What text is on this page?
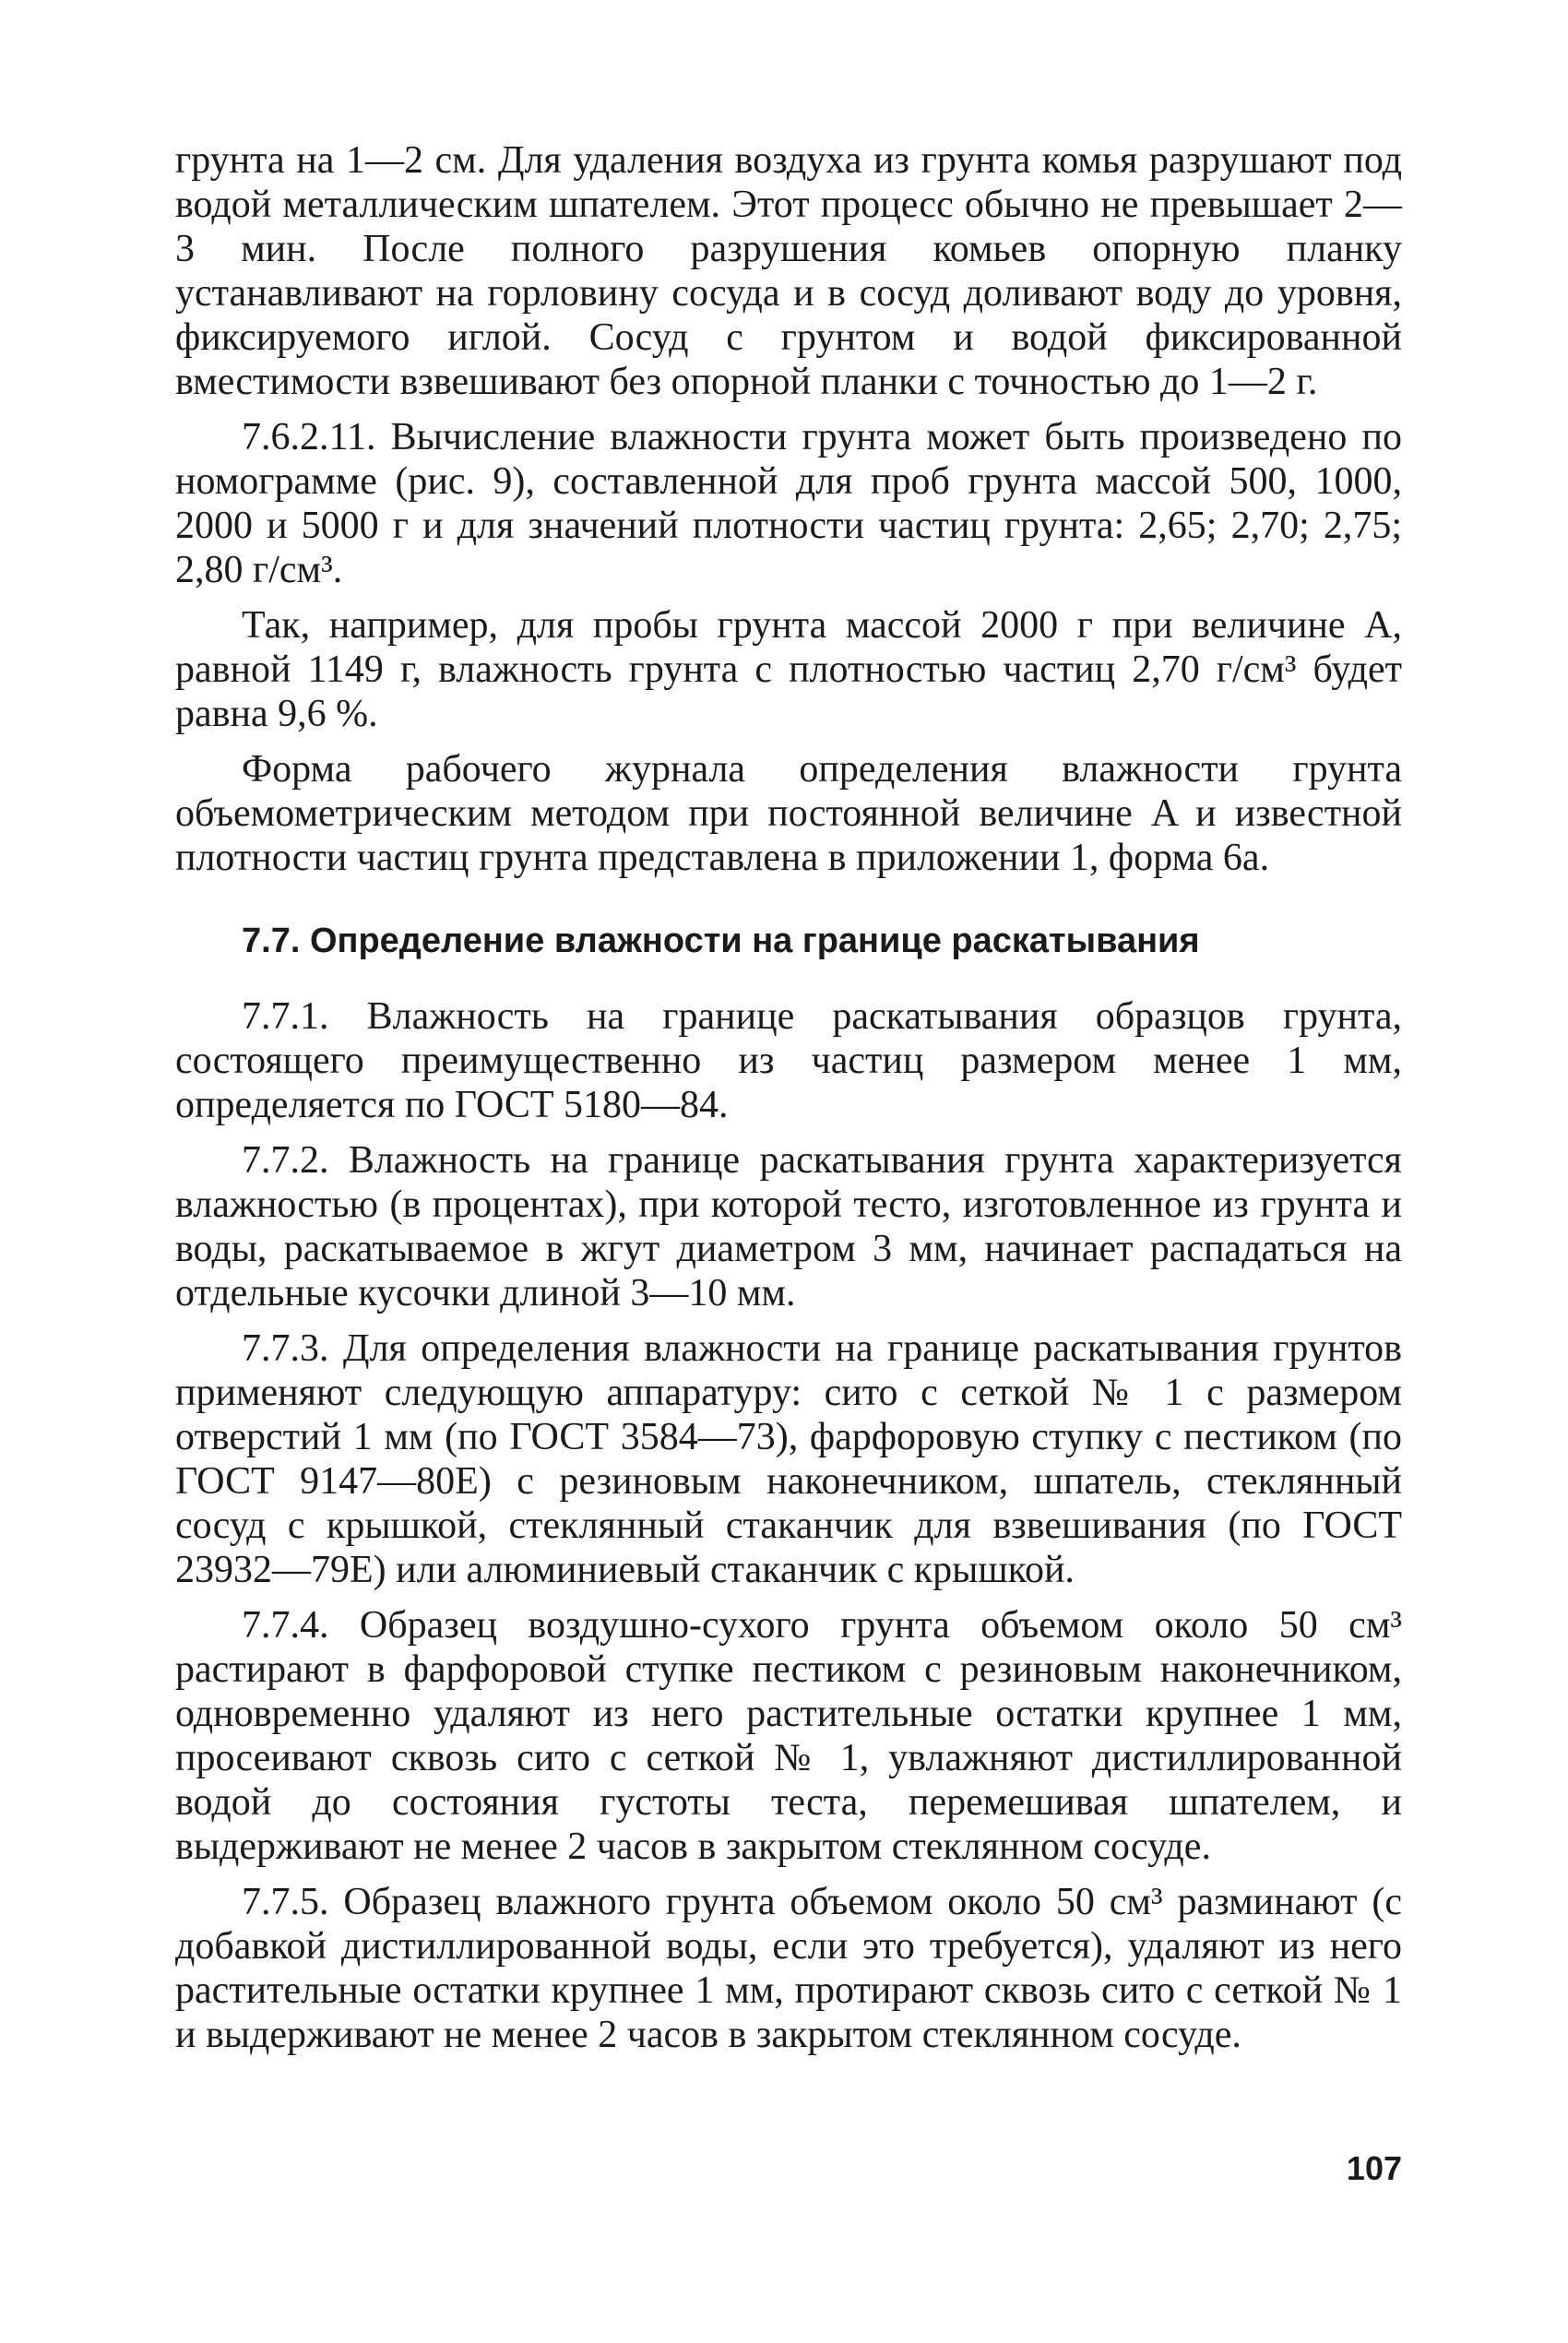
грунта на 1—2 см. Для удаления воздуха из грунта комья разрушают под водой металлическим шпателем. Этот процесс обычно не превышает 2—3 мин. После полного разрушения комьев опорную планку устанавливают на горловину сосуда и в сосуд доливают воду до уровня, фиксируемого иглой. Сосуд с грунтом и водой фиксированной вместимости взвешивают без опорной планки с точностью до 1—2 г.

7.6.2.11. Вычисление влажности грунта может быть произведено по номограмме (рис. 9), составленной для проб грунта массой 500, 1000, 2000 и 5000 г и для значений плотности частиц грунта: 2,65; 2,70; 2,75; 2,80 г/см³.

Так, например, для пробы грунта массой 2000 г при величине A, равной 1149 г, влажность грунта с плотностью частиц 2,70 г/см³ будет равна 9,6 %.

Форма рабочего журнала определения влажности грунта объемометрическим методом при постоянной величине A и известной плотности частиц грунта представлена в приложении 1, форма 6а.

7.7. Определение влажности на границе раскатывания

7.7.1. Влажность на границе раскатывания образцов грунта, состоящего преимущественно из частиц размером менее 1 мм, определяется по ГОСТ 5180—84.

7.7.2. Влажность на границе раскатывания грунта характеризуется влажностью (в процентах), при которой тесто, изготовленное из грунта и воды, раскатываемое в жгут диаметром 3 мм, начинает распадаться на отдельные кусочки длиной 3—10 мм.

7.7.3. Для определения влажности на границе раскатывания грунтов применяют следующую аппаратуру: сито с сеткой № 1 с размером отверстий 1 мм (по ГОСТ 3584—73), фарфоровую ступку с пестиком (по ГОСТ 9147—80Е) с резиновым наконечником, шпатель, стеклянный сосуд с крышкой, стеклянный стаканчик для взвешивания (по ГОСТ 23932—79Е) или алюминиевый стаканчик с крышкой.

7.7.4. Образец воздушно-сухого грунта объемом около 50 см³ растирают в фарфоровой ступке пестиком с резиновым наконечником, одновременно удаляют из него растительные остатки крупнее 1 мм, просеивают сквозь сито с сеткой № 1, увлажняют дистиллированной водой до состояния густоты теста, перемешивая шпателем, и выдерживают не менее 2 часов в закрытом стеклянном сосуде.

7.7.5. Образец влажного грунта объемом около 50 см³ разминают (с добавкой дистиллированной воды, если это требуется), удаляют из него растительные остатки крупнее 1 мм, протирают сквозь сито с сеткой № 1 и выдерживают не менее 2 часов в закрытом стеклянном сосуде.

107
